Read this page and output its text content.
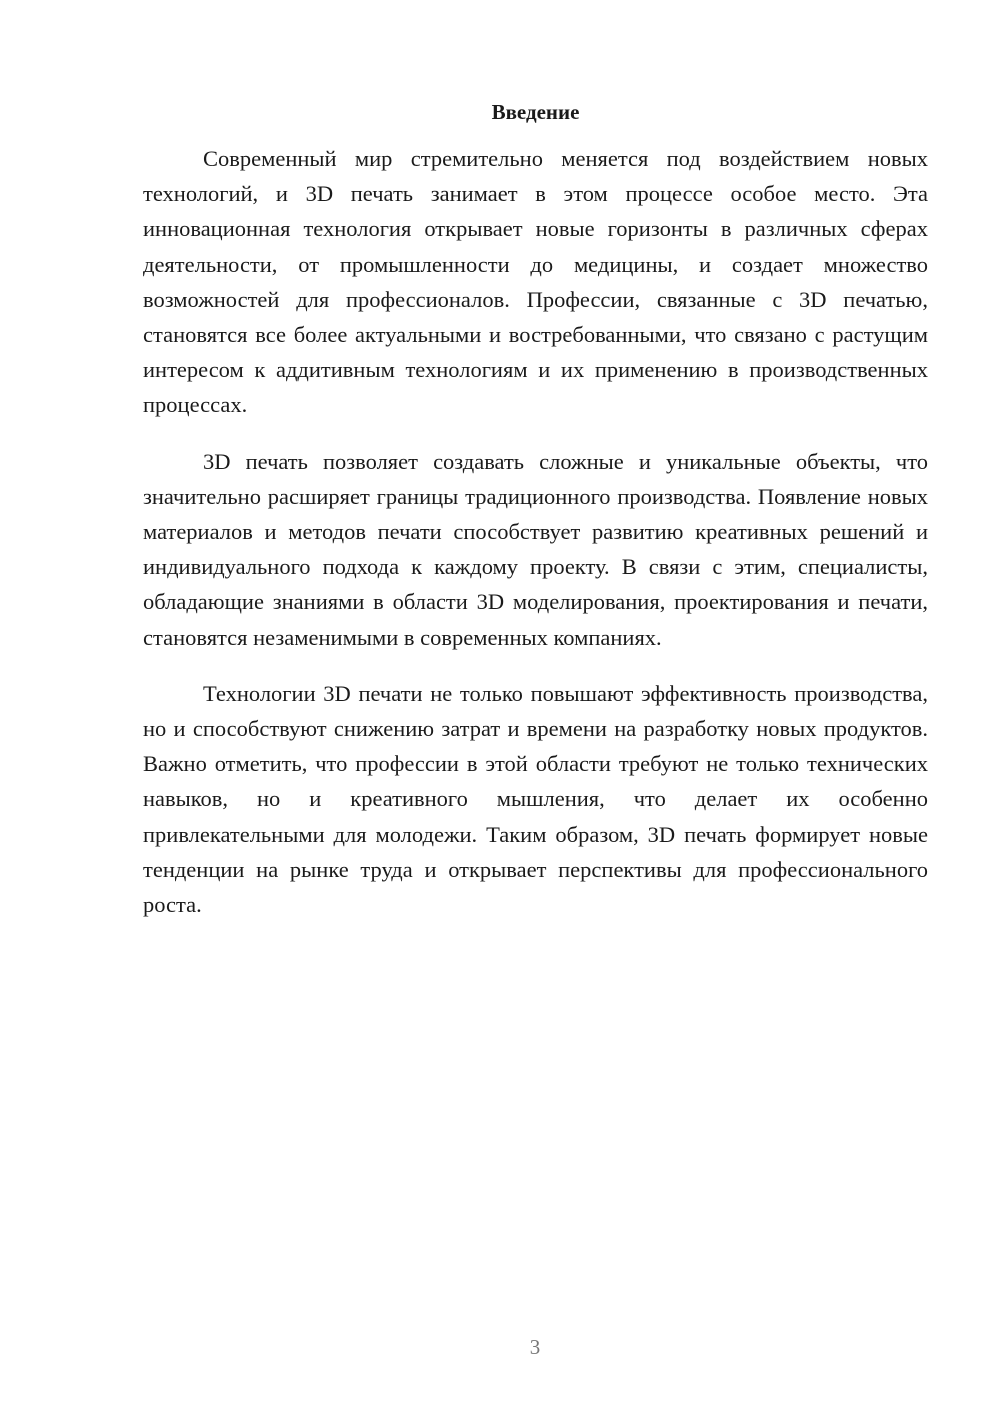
Введение

Современный мир стремительно меняется под воздействием новых технологий, и 3D печать занимает в этом процессе особое место. Эта инновационная технология открывает новые горизонты в различных сферах деятельности, от промышленности до медицины, и создает множество возможностей для профессионалов. Профессии, связанные с 3D печатью, становятся все более актуальными и востребованными, что связано с растущим интересом к аддитивным технологиям и их применению в производственных процессах.

3D печать позволяет создавать сложные и уникальные объекты, что значительно расширяет границы традиционного производства. Появление новых материалов и методов печати способствует развитию креативных решений и индивидуального подхода к каждому проекту. В связи с этим, специалисты, обладающие знаниями в области 3D моделирования, проектирования и печати, становятся незаменимыми в современных компаниях.

Технологии 3D печати не только повышают эффективность производства, но и способствуют снижению затрат и времени на разработку новых продуктов. Важно отметить, что профессии в этой области требуют не только технических навыков, но и креативного мышления, что делает их особенно привлекательными для молодежи. Таким образом, 3D печать формирует новые тенденции на рынке труда и открывает перспективы для профессионального роста.

3
